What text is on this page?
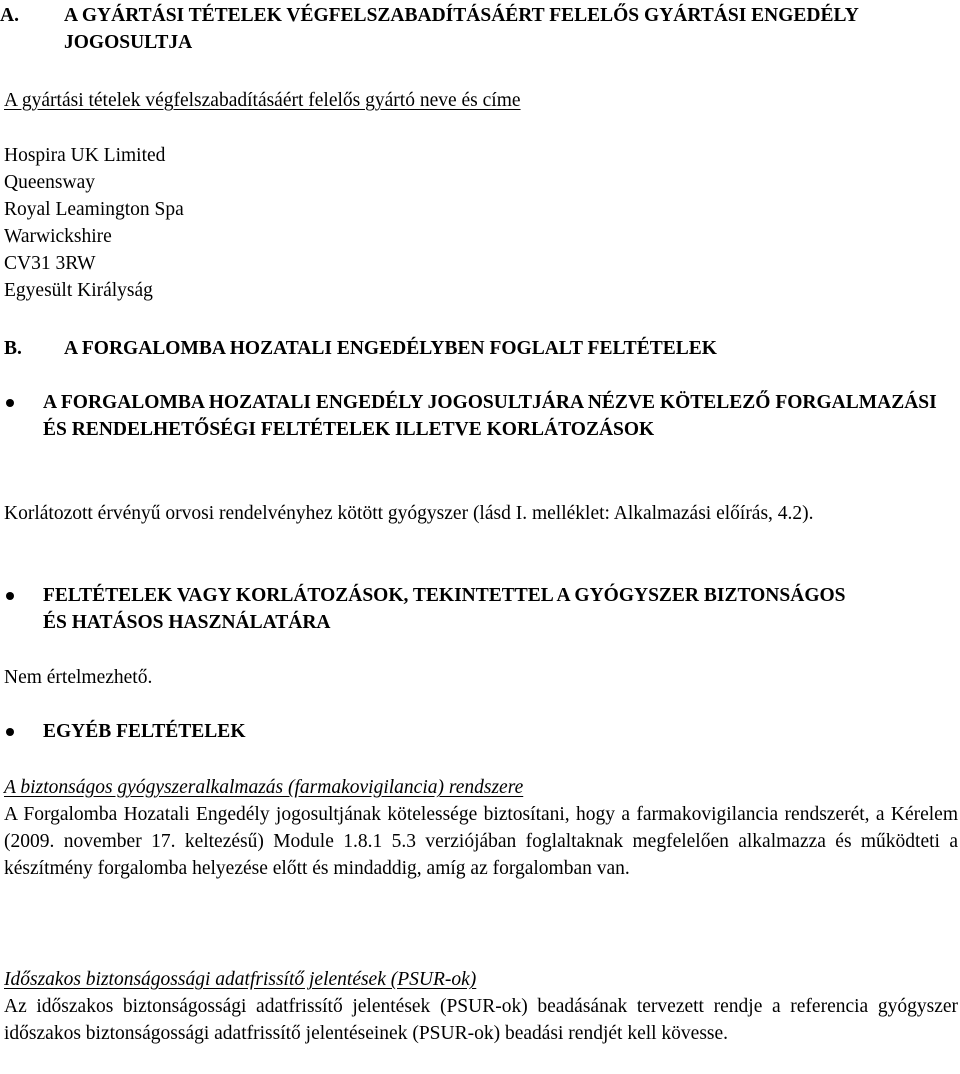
A. A GYÁRTÁSI TÉTELEK VÉGFELSZABADÍTÁSÁÉRT FELELŐS GYÁRTÁSI ENGEDÉLY JOGOSULTJA
A gyártási tételek végfelszabadításáért felelős gyártó neve és címe
Hospira UK Limited
Queensway
Royal Leamington Spa
Warwickshire
CV31 3RW
Egyesült Királyság
B. A FORGALOMBA HOZATALI ENGEDÉLYBEN FOGLALT FELTÉTELEK
A FORGALOMBA HOZATALI ENGEDÉLY JOGOSULTJÁRA NÉZVE KÖTELEZŐ FORGALMAZÁSI ÉS RENDELHETŐSÉGI FELTÉTELEK ILLETVE KORLÁTOZÁSOK
Korlátozott érvényű orvosi rendelvényhez kötött gyógyszer (lásd I. melléklet: Alkalmazási előírás, 4.2).
FELTÉTELEK VAGY KORLÁTOZÁSOK, TEKINTETTEL A GYÓGYSZER BIZTONSÁGOS ÉS HATÁSOS HASZNÁLATÁRA
Nem értelmezhető.
EGYÉB FELTÉTELEK
A biztonságos gyógyszeralkalmazás (farmakovigilancia) rendszere
A Forgalomba Hozatali Engedély jogosultjának kötelessége biztosítani, hogy a farmakovigilancia rendszerét, a Kérelem (2009. november 17. keltezésű) Module 1.8.1 5.3 verziójában foglaltaknak megfelelően alkalmazza és működteti a készítmény forgalomba helyezése előtt és mindaddig, amíg az forgalomban van.
Időszakos biztonságossági adatfrissítő jelentések (PSUR-ok)
Az időszakos biztonságossági adatfrissítő jelentések (PSUR-ok) beadásának tervezett rendje a referencia gyógyszer időszakos biztonságossági adatfrissítő jelentéseinek (PSUR-ok) beadási rendjét kell kövesse.
